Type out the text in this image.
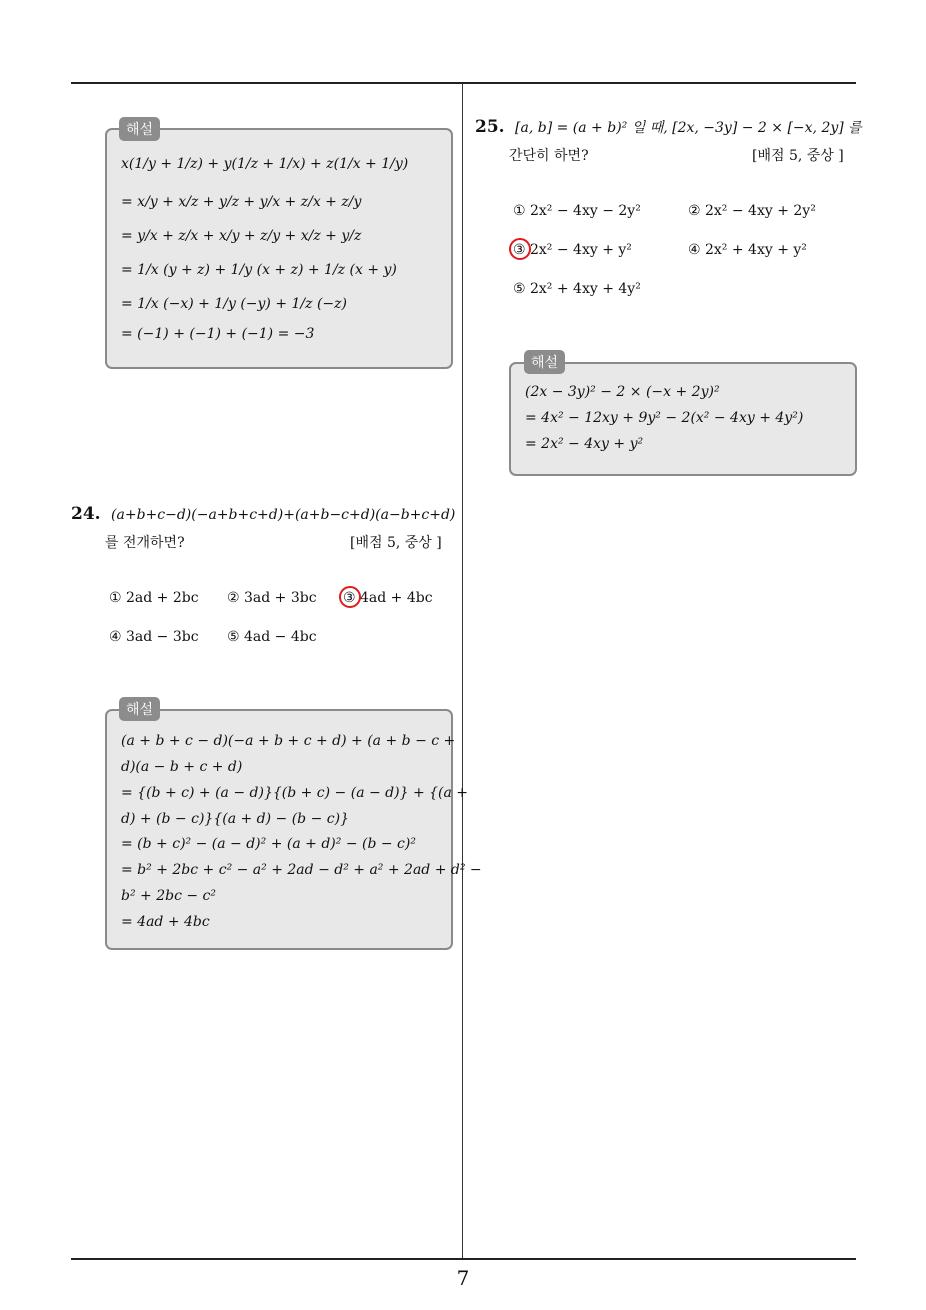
7
x(1/y + 1/z) + y(1/z + 1/x) + z(1/x + 1/y)
= x/y + x/z + y/z + y/x + z/x + z/y
= y/x + z/x + x/y + z/y + x/z + y/z
= 1/x (y + z) + 1/y (x + z) + 1/z (x + y)
= 1/x (−x) + 1/y (−y) + 1/z (−z)
= (−1) + (−1) + (−1) = −3
해설
24. (a+b+c−d)(−a+b+c+d)+(a+b−c+d)(a−b+c+d)
를 전개하면?	[배점 5, 중상 ]
① 2ad + 2bc ② 3ad + 3bc ③ 4ad + 4bc
④ 3ad − 3bc ⑤ 4ad − 4bc
(a + b + c − d)(−a + b + c + d) + (a + b − c +
d)(a − b + c + d)
= {(b + c) + (a − d)}{(b + c) − (a − d)} + {(a +
d) + (b − c)}{(a + d) − (b − c)}
= (b + c)² − (a − d)² + (a + d)² − (b − c)²
= b² + 2bc + c² − a² + 2ad − d² + a² + 2ad + d² −
b² + 2bc − c²
= 4ad + 4bc
해설
25. [a, b] = (a + b)² 일 때, [2x, −3y] − 2 × [−x, 2y] 를
간단히 하면?	[배점 5, 중상 ]
① 2x² − 4xy − 2y²	② 2x² − 4xy + 2y²
③ 2x² − 4xy + y²	④ 2x² + 4xy + y²
⑤ 2x² + 4xy + 4y²
(2x − 3y)² − 2 × (−x + 2y)²
= 4x² − 12xy + 9y² − 2(x² − 4xy + 4y²)
= 2x² − 4xy + y²
해설
